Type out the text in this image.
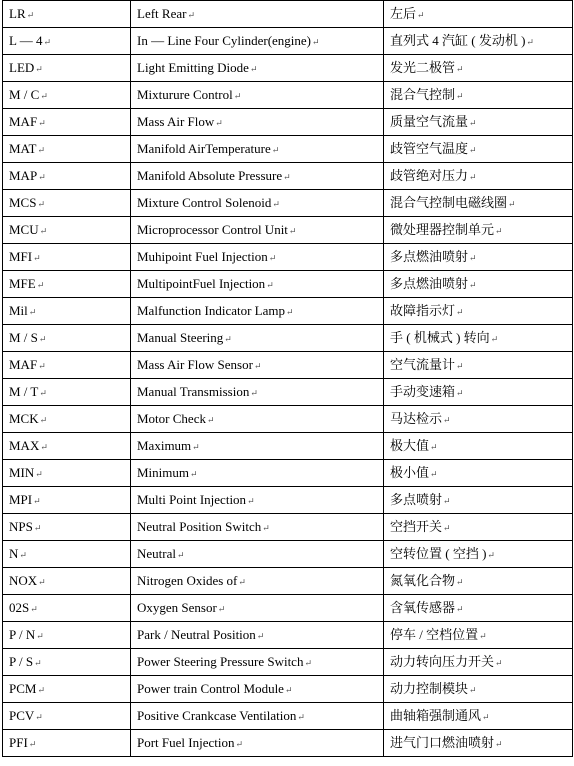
LR↵	Left Rear↵	左后↵
L — 4↵	In — Line Four Cylinder(engine)↵	直列式 4 汽缸 ( 发动机 )↵
LED↵	Light Emitting Diode↵	发光二极管↵
M / C↵	Mixturure Control↵	混合气控制↵
MAF↵	Mass Air Flow↵	质量空气流量↵
MAT↵	Manifold AirTemperature↵	歧管空气温度↵
MAP↵	Manifold Absolute Pressure↵	歧管绝对压力↵
MCS↵	Mixture Control Solenoid↵	混合气控制电磁线圈↵
MCU↵	Microprocessor Control Unit↵	微处理器控制单元↵
MFI↵	Muhipoint Fuel Injection↵	多点燃油喷射↵
MFE↵	MultipointFuel Injection↵	多点燃油喷射↵
Mil↵	Malfunction Indicator Lamp↵	故障指示灯↵
M / S↵	Manual Steering↵	手 ( 机械式 ) 转向↵
MAF↵	Mass Air Flow Sensor↵	空气流量计↵
M / T↵	Manual Transmission↵	手动变速箱↵
MCK↵	Motor Check↵	马达检示↵
MAX↵	Maximum↵	极大值↵
MIN↵	Minimum↵	极小值↵
MPI↵	Multi Point Injection↵	多点喷射↵
NPS↵	Neutral Position Switch↵	空挡开关↵
N↵	Neutral↵	空转位置 ( 空挡 )↵
NOX↵	Nitrogen Oxides of↵	氮氧化合物↵
02S↵	Oxygen Sensor↵	含氧传感器↵
P / N↵	Park / Neutral Position↵	停车 / 空档位置↵
P / S↵	Power Steering Pressure Switch↵	动力转向压力开关↵
PCM↵	Power train Control Module↵	动力控制模块↵
PCV↵	Positive Crankcase Ventilation↵	曲轴箱强制通风↵
PFI↵	Port Fuel Injection↵	进气门口燃油喷射↵
